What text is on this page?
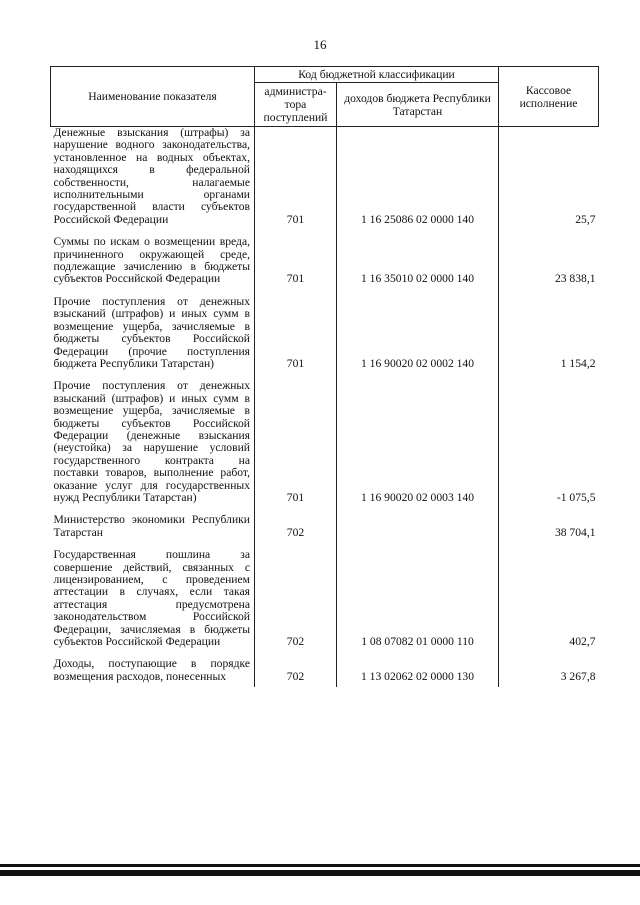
16
Наименование показателя	Код бюджетной классификации		Кассовое исполнение
	администра-тора поступлений	доходов бюджета Республики Татарстан	
Денежные взыскания (штрафы) за нарушение водного законодательства, установленное на водных объектах, находящихся в федеральной собственности, налагаемые исполнительными органами государственной власти субъектов Российской Федерации	701	1 16 25086 02 0000 140	25,7
Суммы по искам о возмещении вреда, причиненного окружающей среде, подлежащие зачислению в бюджеты субъектов Российской Федерации	701	1 16 35010 02 0000 140	23 838,1
Прочие поступления от денежных взысканий (штрафов) и иных сумм в возмещение ущерба, зачисляемые в бюджеты субъектов Российской Федерации (прочие поступления бюджета Республики Татарстан)	701	1 16 90020 02 0002 140	1 154,2
Прочие поступления от денежных взысканий (штрафов) и иных сумм в возмещение ущерба, зачисляемые в бюджеты субъектов Российской Федерации (денежные взыскания (неустойка) за нарушение условий государственного контракта на поставки товаров, выполнение работ, оказание услуг для государственных нужд Республики Татарстан)	701	1 16 90020 02 0003 140	-1 075,5
Министерство экономики Республики Татарстан	702		38 704,1
Государственная пошлина за совершение действий, связанных с лицензированием, с проведением аттестации в случаях, если такая аттестация предусмотрена законодательством Российской Федерации, зачисляемая в бюджеты субъектов Российской Федерации	702	1 08 07082 01 0000 110	402,7
Доходы, поступающие в порядке возмещения расходов, понесенных	702	1 13 02062 02 0000 130	3 267,8
